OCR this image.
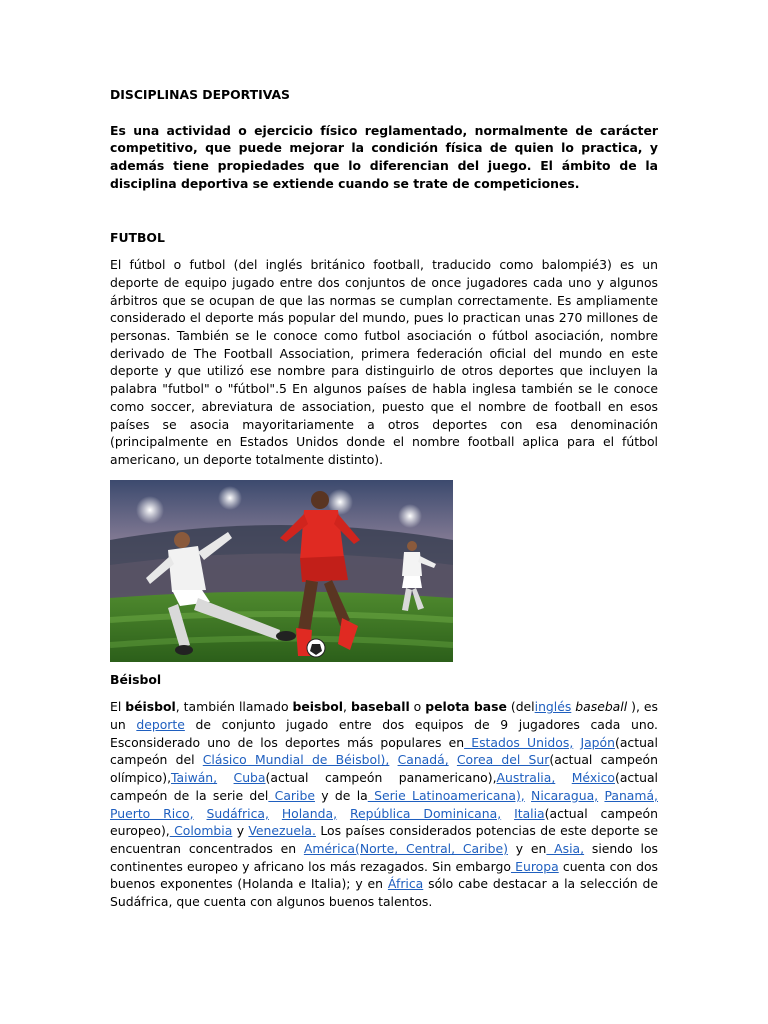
DISCIPLINAS DEPORTIVAS

Es una actividad o ejercicio físico reglamentado, normalmente de carácter competitivo, que puede mejorar la condición física de quien lo practica, y además tiene propiedades que lo diferencian del juego. El ámbito de la disciplina deportiva se extiende cuando se trate de competiciones.

FUTBOL

El fútbol o futbol (del inglés británico football, traducido como balompié3) es un deporte de equipo jugado entre dos conjuntos de once jugadores cada uno y algunos árbitros que se ocupan de que las normas se cumplan correctamente. Es ampliamente considerado el deporte más popular del mundo, pues lo practican unas 270 millones de personas. También se le conoce como futbol asociación o fútbol asociación, nombre derivado de The Football Association, primera federación oficial del mundo en este deporte y que utilizó ese nombre para distinguirlo de otros deportes que incluyen la palabra "futbol" o "fútbol".5 En algunos países de habla inglesa también se le conoce como soccer, abreviatura de association, puesto que el nombre de football en esos países se asocia mayoritariamente a otros deportes con esa denominación (principalmente en Estados Unidos donde el nombre football aplica para el fútbol americano, un deporte totalmente distinto).

Béisbol

El béisbol, también llamado beisbol, baseball o pelota base (delinglés baseball ), es un deporte de conjunto jugado entre dos equipos de 9 jugadores cada uno. Esconsiderado uno de los deportes más populares en Estados Unidos, Japón(actual campeón del Clásico Mundial de Béisbol), Canadá, Corea del Sur(actual campeón olímpico),Taiwán, Cuba(actual campeón panamericano),Australia, México(actual campeón de la serie del Caribe y de la Serie Latinoamericana), Nicaragua, Panamá, Puerto Rico, Sudáfrica, Holanda, República Dominicana, Italia(actual campeón europeo), Colombia y Venezuela. Los países considerados potencias de este deporte se encuentran concentrados en América(Norte, Central, Caribe) y en Asia, siendo los continentes europeo y africano los más rezagados. Sin embargo Europa cuenta con dos buenos exponentes (Holanda e Italia); y en África sólo cabe destacar a la selección de Sudáfrica, que cuenta con algunos buenos talentos.
